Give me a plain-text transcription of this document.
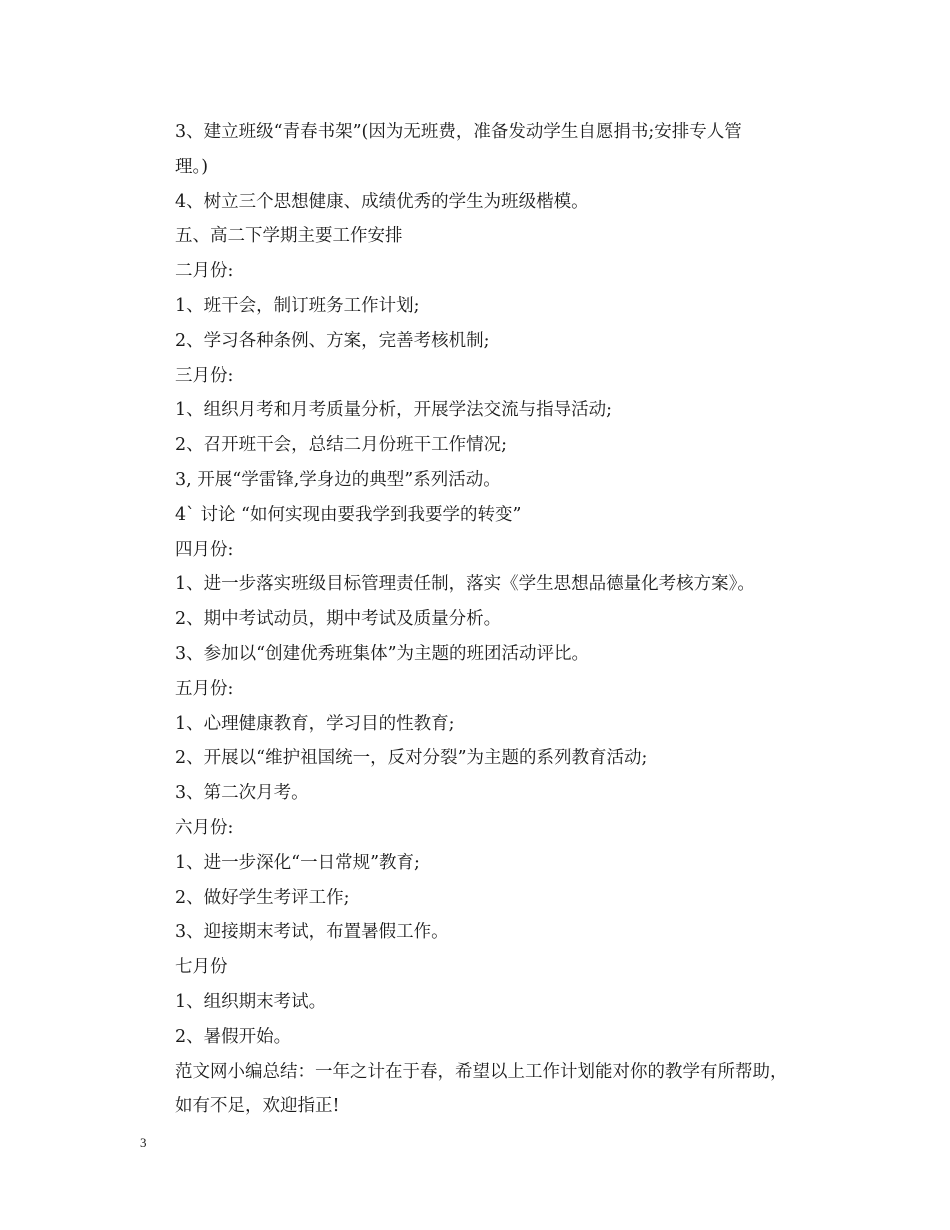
3、建立班级“青春书架”(因为无班费，准备发动学生自愿捐书;安排专人管
理。)

4、树立三个思想健康、成绩优秀的学生为班级楷模。

五、高二下学期主要工作安排

二月份:

1、班干会，制订班务工作计划;

2、学习各种条例、方案，完善考核机制;

三月份:

1、组织月考和月考质量分析，开展学法交流与指导活动;

2、召开班干会，总结二月份班干工作情况;

3, 开展“学雷锋,学身边的典型”系列活动。

4` 讨论 “如何实现由要我学到我要学的转变”

四月份:

1、进一步落实班级目标管理责任制，落实《学生思想品德量化考核方案》。

2、期中考试动员，期中考试及质量分析。

3、参加以“创建优秀班集体”为主题的班团活动评比。

五月份:

1、心理健康教育，学习目的性教育;

2、开展以“维护祖国统一，反对分裂”为主题的系列教育活动;

3、第二次月考。

六月份:

1、进一步深化“一日常规”教育;

2、做好学生考评工作;

3、迎接期末考试，布置暑假工作。

七月份

1、组织期末考试。

2、暑假开始。

范文网小编总结：一年之计在于春，希望以上工作计划能对你的教学有所帮助，
如有不足，欢迎指正!

3
